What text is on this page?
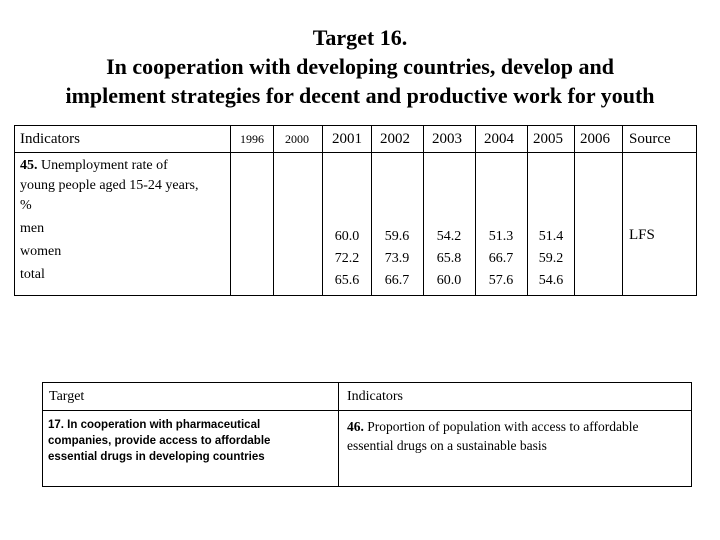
Target 16.
In cooperation with developing countries, develop and
implement strategies for decent and productive work for youth
Indicators	1996 2000 2001 2002 2003 2004 2005 2006 Source
45. Unemployment rate of
young people aged 15-24 years,
%
men
women
total
60.0
72.2
65.6
59.6
73.9
66.7
54.2
65.8
60.0
51.3
66.7
57.6
51.4
59.2
54.6
LFS
Target	Indicators
17. In cooperation with pharmaceutical companies, provide access to affordable essential drugs in developing countries
46. Proportion of population with access to affordable essential drugs on a sustainable basis
